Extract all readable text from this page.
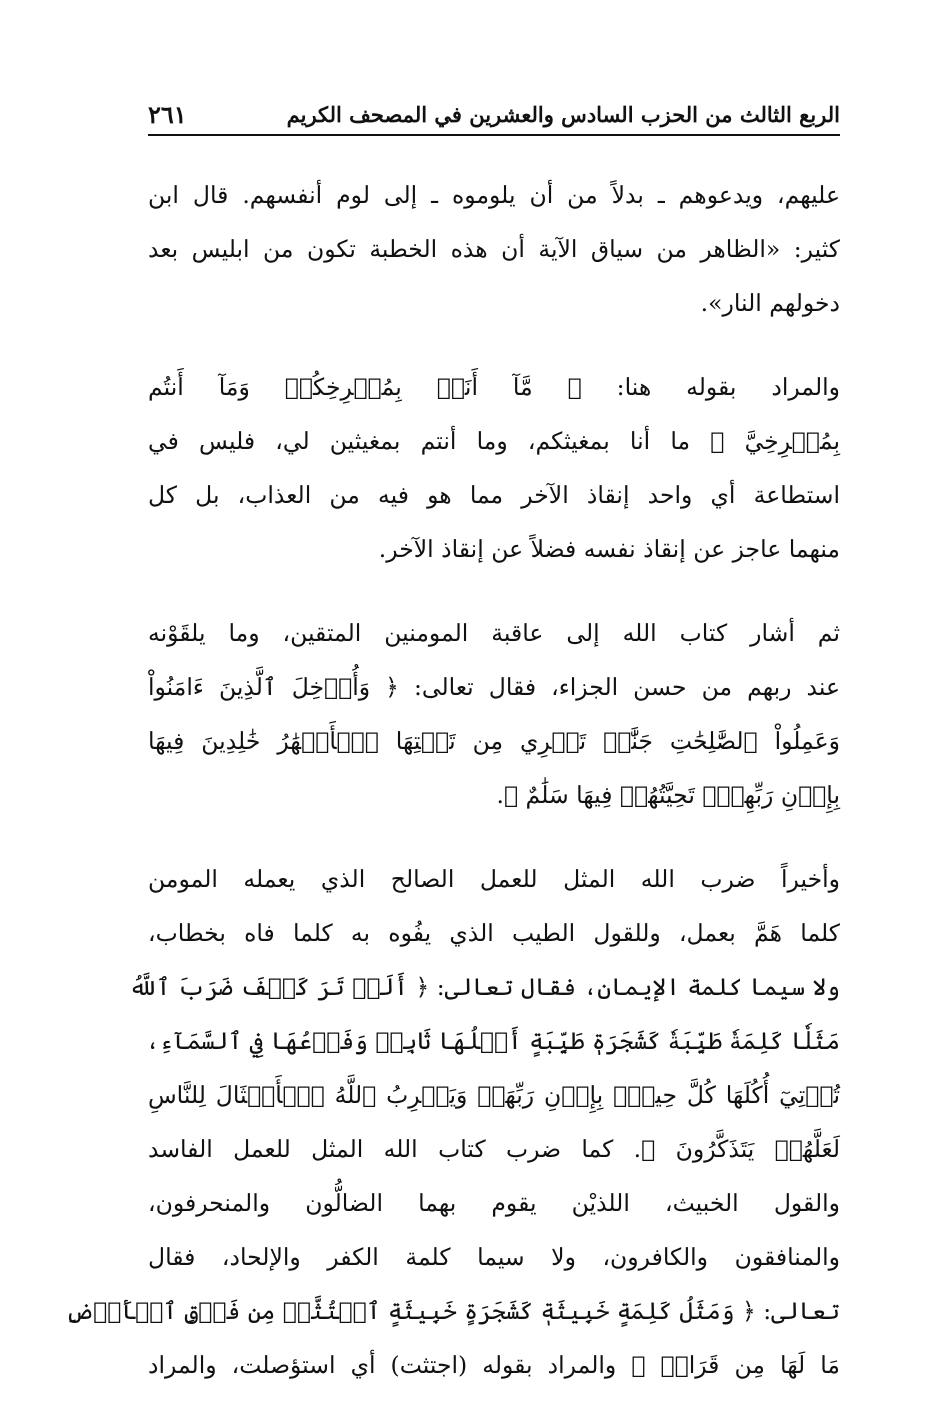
الربع الثالث من الحزب السادس والعشرين في المصحف الكريم
٢٦١
عليهم، ويدعوهم ـ بدلاً من أن يلوموه ـ إلى لوم أنفسهم. قال ابن
كثير: «الظاهر من سياق الآية أن هذه الخطبة تكون من ابليس بعد
دخولهم النار».
والمراد بقوله هنا: ﴿ مَّآ أَنَا۠ بِمُصۡرِخِكُمۡ وَمَآ أَنتُم
بِمُصۡرِخِيَّ ﴾ ما أنا بمغيثكم، وما أنتم بمغيثين لي، فليس في
استطاعة أي واحد إنقاذ الآخر مما هو فيه من العذاب، بل كل
منهما عاجز عن إنقاذ نفسه فضلاً عن إنقاذ الآخر.
ثم أشار كتاب الله إلى عاقبة المومنين المتقين، وما يلقَوْنه
عند ربهم من حسن الجزاء، فقال تعالى: ﴿ وَأُدۡخِلَ ٱلَّذِينَ ءَامَنُواْ
وَعَمِلُواْ ٱلصَّٰلِحَٰتِ جَنَّٰتٖ تَجۡرِي مِن تَحۡتِهَا ٱلۡأَنۡهَٰرُ خَٰلِدِينَ فِيهَا
بِإِذۡنِ رَبِّهِمۡۖ تَحِيَّتُهُمۡ فِيهَا سَلَٰمٌ ﴾.
وأخيراً ضرب الله المثل للعمل الصالح الذي يعمله المومن
كلما هَمَّ بعمل، وللقول الطيب الذي يفُوه به كلما فاه بخطاب،
ولا سيما كلمة الإيمان، فقال تعالى: ﴿ أَلَمۡ تَرَ كَيۡفَ ضَرَبَ ٱللَّهُ
مَثَلٗا كَلِمَةٗ طَيِّبَةٗ كَشَجَرَةٖ طَيِّبَةٍ أَصۡلُهَا ثَابِتٞ وَفَرۡعُهَا فِي ٱلسَّمَآءِ،
تُؤۡتِيٓ أُكُلَهَا كُلَّ حِينِۭ بِإِذۡنِ رَبِّهَاۗ وَيَضۡرِبُ ٱللَّهُ ٱلۡأَمۡثَالَ لِلنَّاسِ
لَعَلَّهُمۡ يَتَذَكَّرُونَ ﴾. كما ضرب كتاب الله المثل للعمل الفاسد
والقول الخبيث، اللذيْن يقوم بهما الضالُّون والمنحرفون،
والمنافقون والكافرون، ولا سيما كلمة الكفر والإلحاد، فقال
تعالى: ﴿ وَمَثَلُ كَلِمَةٍ خَبِيثَةٖ كَشَجَرَةٍ خَبِيثَةٍ ٱجۡتُثَّتۡ مِن فَوۡقِ ٱلۡأَرۡضِ
مَا لَهَا مِن قَرَارٖ ﴾ والمراد بقوله (اجتثت) أي استؤصلت، والمراد
